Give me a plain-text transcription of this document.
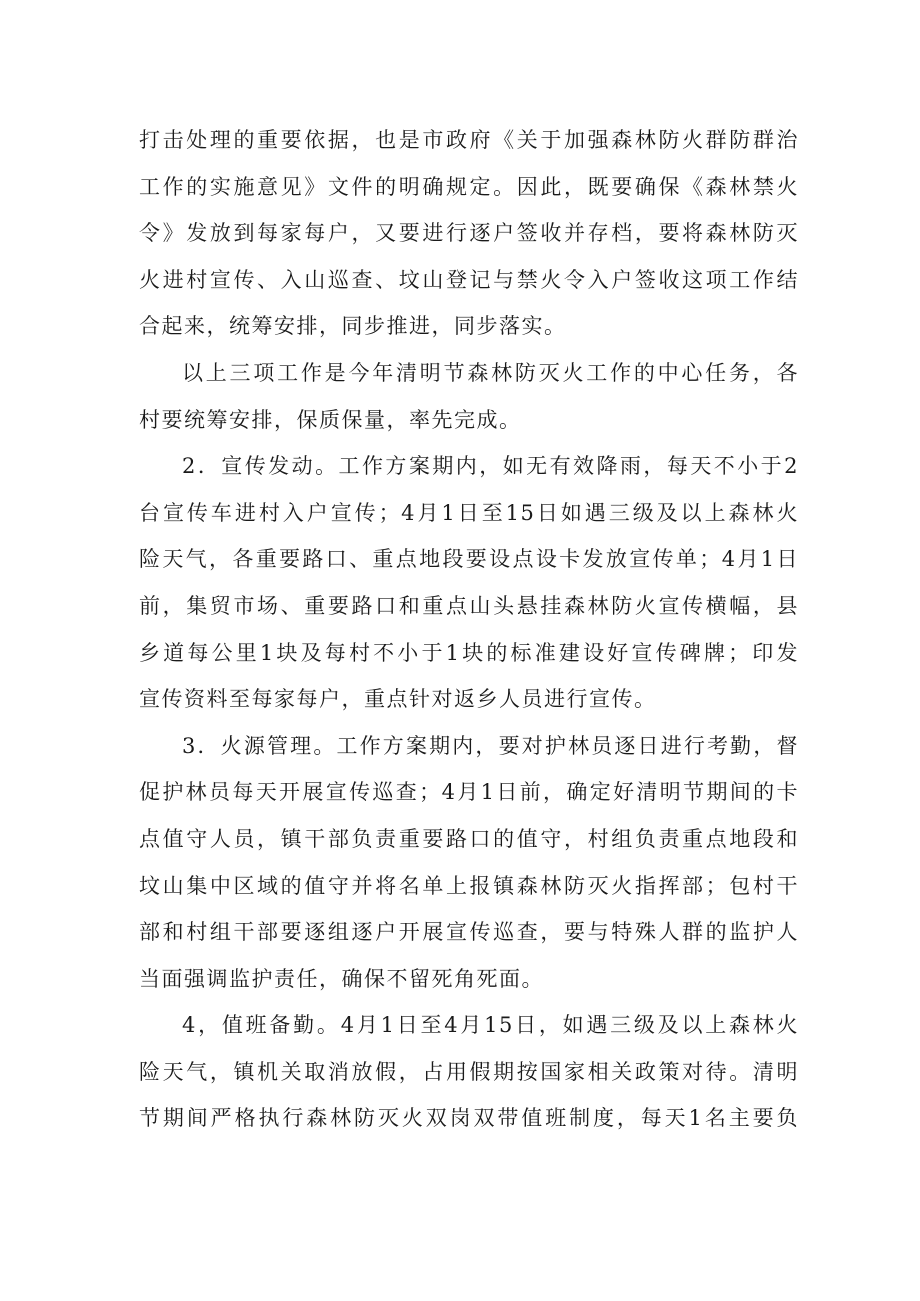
打击处理的重要依据，也是市政府《关于加强森林防火群防群治
工作的实施意见》文件的明确规定。因此，既要确保《森林禁火
令》发放到每家每户，又要进行逐户签收并存档，要将森林防灭
火进村宣传、入山巡查、坟山登记与禁火令入户签收这项工作结
合起来，统筹安排，同步推进，同步落实。
以上三项工作是今年清明节森林防灭火工作的中心任务，各
村要统筹安排，保质保量，率先完成。
2．宣传发动。工作方案期内，如无有效降雨，每天不小于2
台宣传车进村入户宣传；4月1日至15日如遇三级及以上森林火
险天气，各重要路口、重点地段要设点设卡发放宣传单；4月1日
前，集贸市场、重要路口和重点山头悬挂森林防火宣传横幅，县
乡道每公里1块及每村不小于1块的标准建设好宣传碑牌；印发
宣传资料至每家每户，重点针对返乡人员进行宣传。
3．火源管理。工作方案期内，要对护林员逐日进行考勤，督
促护林员每天开展宣传巡查；4月1日前，确定好清明节期间的卡
点值守人员，镇干部负责重要路口的值守，村组负责重点地段和
坟山集中区域的值守并将名单上报镇森林防灭火指挥部；包村干
部和村组干部要逐组逐户开展宣传巡查，要与特殊人群的监护人
当面强调监护责任，确保不留死角死面。
4，值班备勤。4月1日至4月15日，如遇三级及以上森林火
险天气，镇机关取消放假，占用假期按国家相关政策对待。清明
节期间严格执行森林防灭火双岗双带值班制度，每天1名主要负
